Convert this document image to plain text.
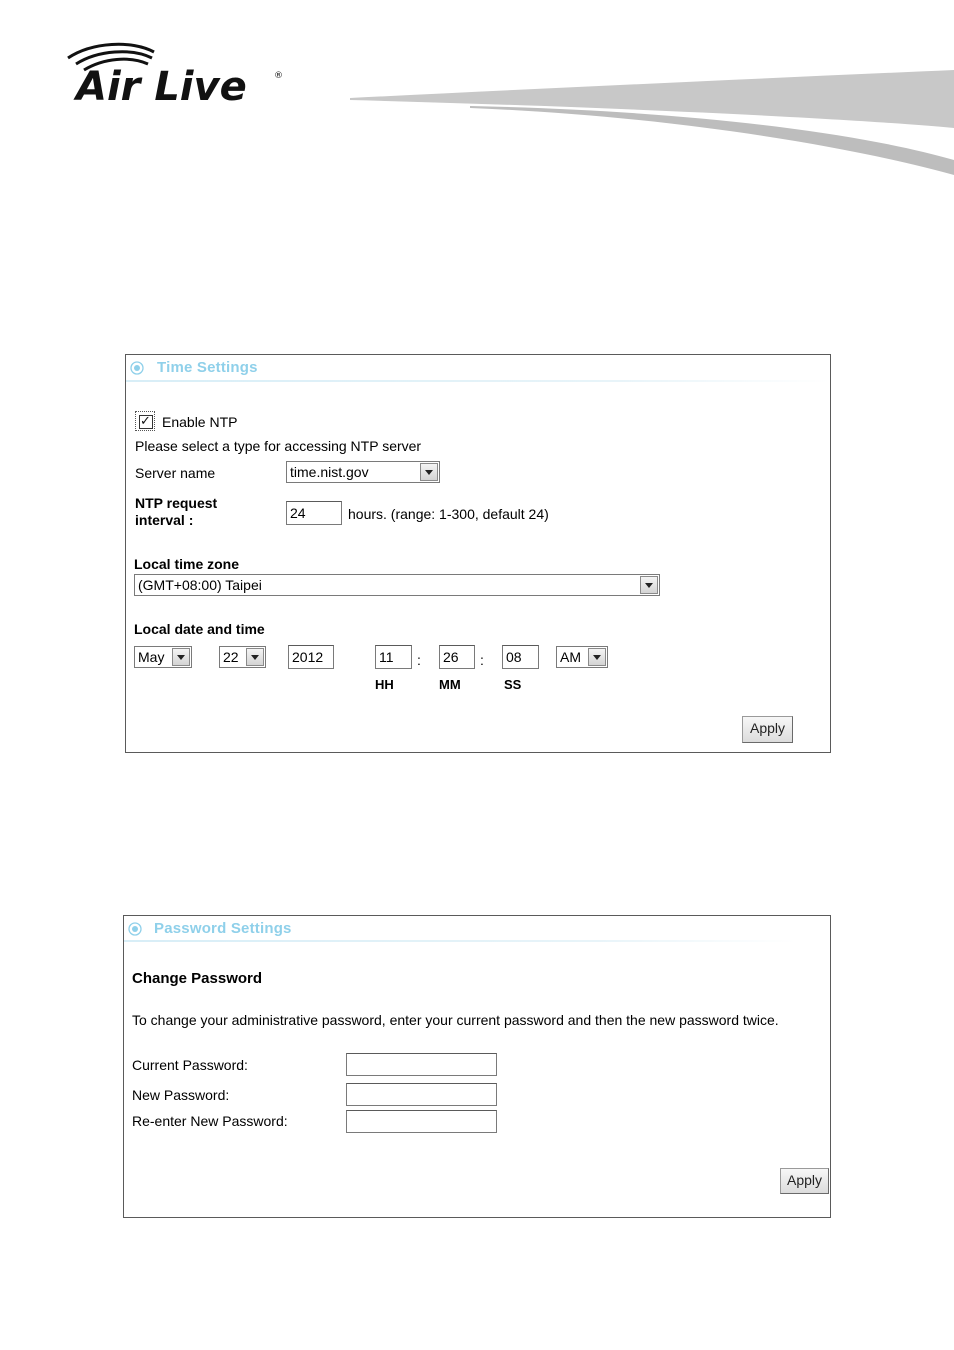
Air Live	®
Time Settings
✓
Enable NTP
Please select a type for accessing NTP server
Server name	time.nist.gov
NTP request
interval :	24	hours. (range: 1-300, default 24)
Local time zone
(GMT+08:00) Taipei
Local date and time
May	22	2012	11	: 26	: 08	AM
HH	MM	SS
Apply
Password Settings
Change Password
To change your administrative password, enter your current password and then the new password twice.
Current Password:
New Password:
Re-enter New Password:
Apply
